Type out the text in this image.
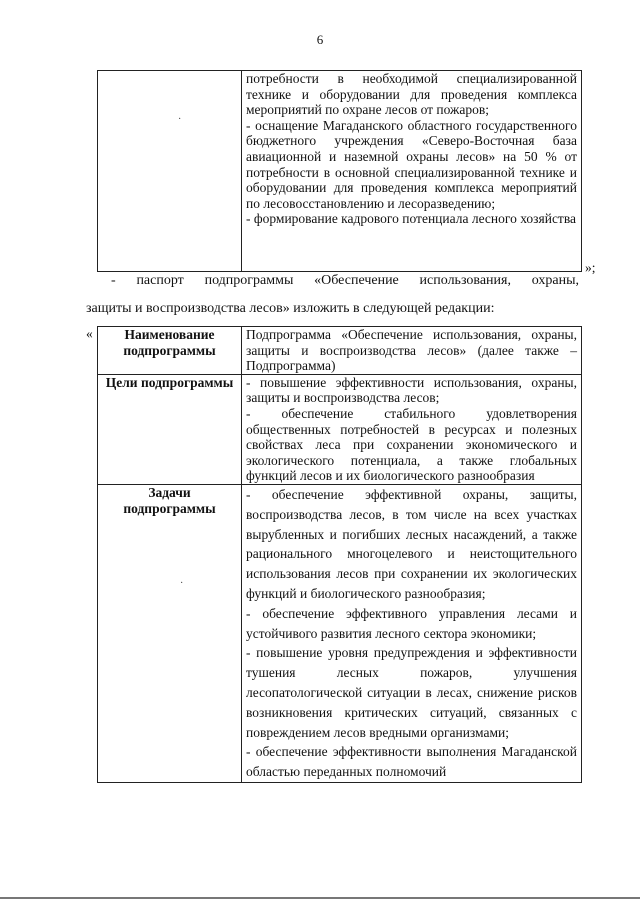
6

потребности в необходимой специализированной технике и оборудовании для проведения комплекса мероприятий по охране лесов от пожаров;
- оснащение Магаданского областного государственного бюджетного учреждения «Северо-Восточная база авиационной и наземной охраны лесов» на 50 % от потребности в основной специализированной технике и оборудовании для проведения комплекса мероприятий по лесовосстановлению и лесоразведению;
- формирование кадрового потенциала лесного хозяйства
·
»;
- паспорт подпрограммы «Обеспечение использования, охраны,
защиты и воспроизводства лесов» изложить в следующей редакции:
« Наименование подпрограммы	Подпрограмма «Обеспечение использования, охраны, защиты и воспроизводства лесов» (далее также – Подпрограмма)

Цели подпрограммы	- повышение эффективности использования, охраны, защиты и воспроизводства лесов;
- обеспечение стабильного удовлетворения общественных потребностей в ресурсах и полезных свойствах леса при сохранении экономического и экологического потенциала, а также глобальных функций лесов и их биологического разнообразия

Задачи подпрограммы	- обеспечение эффективной охраны, защиты, воспроизводства лесов, в том числе на всех участках вырубленных и погибших лесных насаждений, а также рационального многоцелевого и неистощительного использования лесов при сохранении их экологических функций и биологического разнообразия;
- обеспечение эффективного управления лесами и устойчивого развития лесного сектора экономики;
- повышение уровня предупреждения и эффективности тушения лесных пожаров, улучшения лесопатологической ситуации в лесах, снижение рисков возникновения критических ситуаций, связанных с повреждением лесов вредными организмами;
- обеспечение эффективности выполнения Магаданской областью переданных полномочий
·
